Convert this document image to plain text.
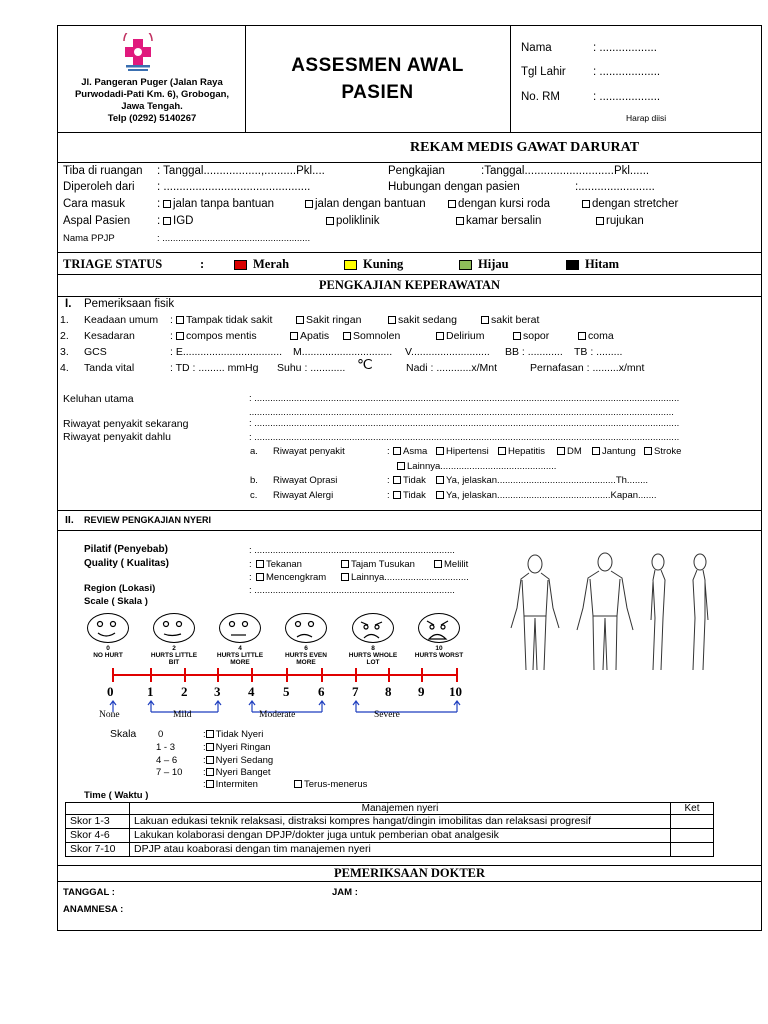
Jl. Pangeran Puger (Jalan Raya
Purwodadi-Pati Km. 6), Grobogan,
Jawa Tengah.
Telp (0292) 5140267
ASSESMEN AWAL
PASIEN
Nama	: ..................
Tgl Lahir : ...................
No. RM	: ...................
Harap diisi
REKAM MEDIS GAWAT DARURAT
Tiba di ruangan : Tanggal..................,..........Pkl....	Pengkajian	:Tanggal............................Pkl......
Diperoleh dari : ..............................................	Hubungan dengan pasien	:........................
Cara masuk	:	jalan tanpa bantuan	jalan dengan bantuan	dengan kursi roda	dengan stretcher
Aspal Pasien :	IGD	poliklinik	kamar bersalin	rujukan
Nama PPJP	: ........................................................
TRIAGE STATUS	:	Merah	Kuning	Hijau	Hitam
PENGKAJIAN KEPERAWATAN
I. Pemeriksaan fisik
1. Keadaan umum :	Tampak tidak sakit	Sakit ringan	sakit sedang	sakit berat
2. Kesadaran	:	compos mentis	Apatis	Somnolen	Delirium	sopor	coma
3. GCS	: E.................................. M............................... V........................... BB : ............ TB : .........
4. Tanda vital	: TD : ......... mmHg Suhu : ............ ℃	Nadi : ............x/Mnt	Pernafasan : .........x/mnt
Keluhan utama	: .................................................................................................................................................................
.................................................................................................................................................................
Riwayat penyakit sekarang	: .................................................................................................................................................................
Riwayat penyakit dahlu	: .................................................................................................................................................................
a. Riwayat penyakit	:	Asma	Hipertensi	Hepatitis	DM	Jantung	Stroke
Lainnya............................................
b. Riwayat Oprasi	:	Tidak	Ya, jelaskan.............................................Th........
c. Riwayat Alergi	:	Tidak	Ya, jelaskan...........................................Kapan.......
II. REVIEW PENGKAJIAN NYERI
Pilatif (Penyebab)	: ............................................................................
Quality ( Kualitas)	:	Tekanan	Tajam Tusukan	Melilit
:	Mencengkram	Lainnya................................
Region (Lokasi)	: ............................................................................
Scale ( Skala )
0
NO HURT
2
HURTS LITTLE BIT
4
HURTS LITTLE MORE
6
HURTS EVEN MORE
8
HURTS WHOLE LOT
10
HURTS WORST
0	1 2 3 4 5 6 7 8 9 10
None	Mild	Moderate	Severe
Skala 0	: Tidak Nyeri
1 - 3	: Nyeri Ringan
4 – 6	: Nyeri Sedang
7 – 10 : Nyeri Banget
: Intermiten	Terus-menerus
Time ( Waktu )
	Manajemen nyeri	Ket
Skor 1-3	Lakuan edukasi teknik relaksasi, distraksi kompres hangat/dingin imobilitas dan relaksasi progresif	
Skor 4-6	Lakukan kolaborasi dengan DPJP/dokter juga untuk pemberian obat analgesik	
Skor 7-10	DPJP atau koaborasi dengan tim manajemen nyeri	
PEMERIKSAAN DOKTER
TANGGAL :	JAM :
ANAMNESA :
